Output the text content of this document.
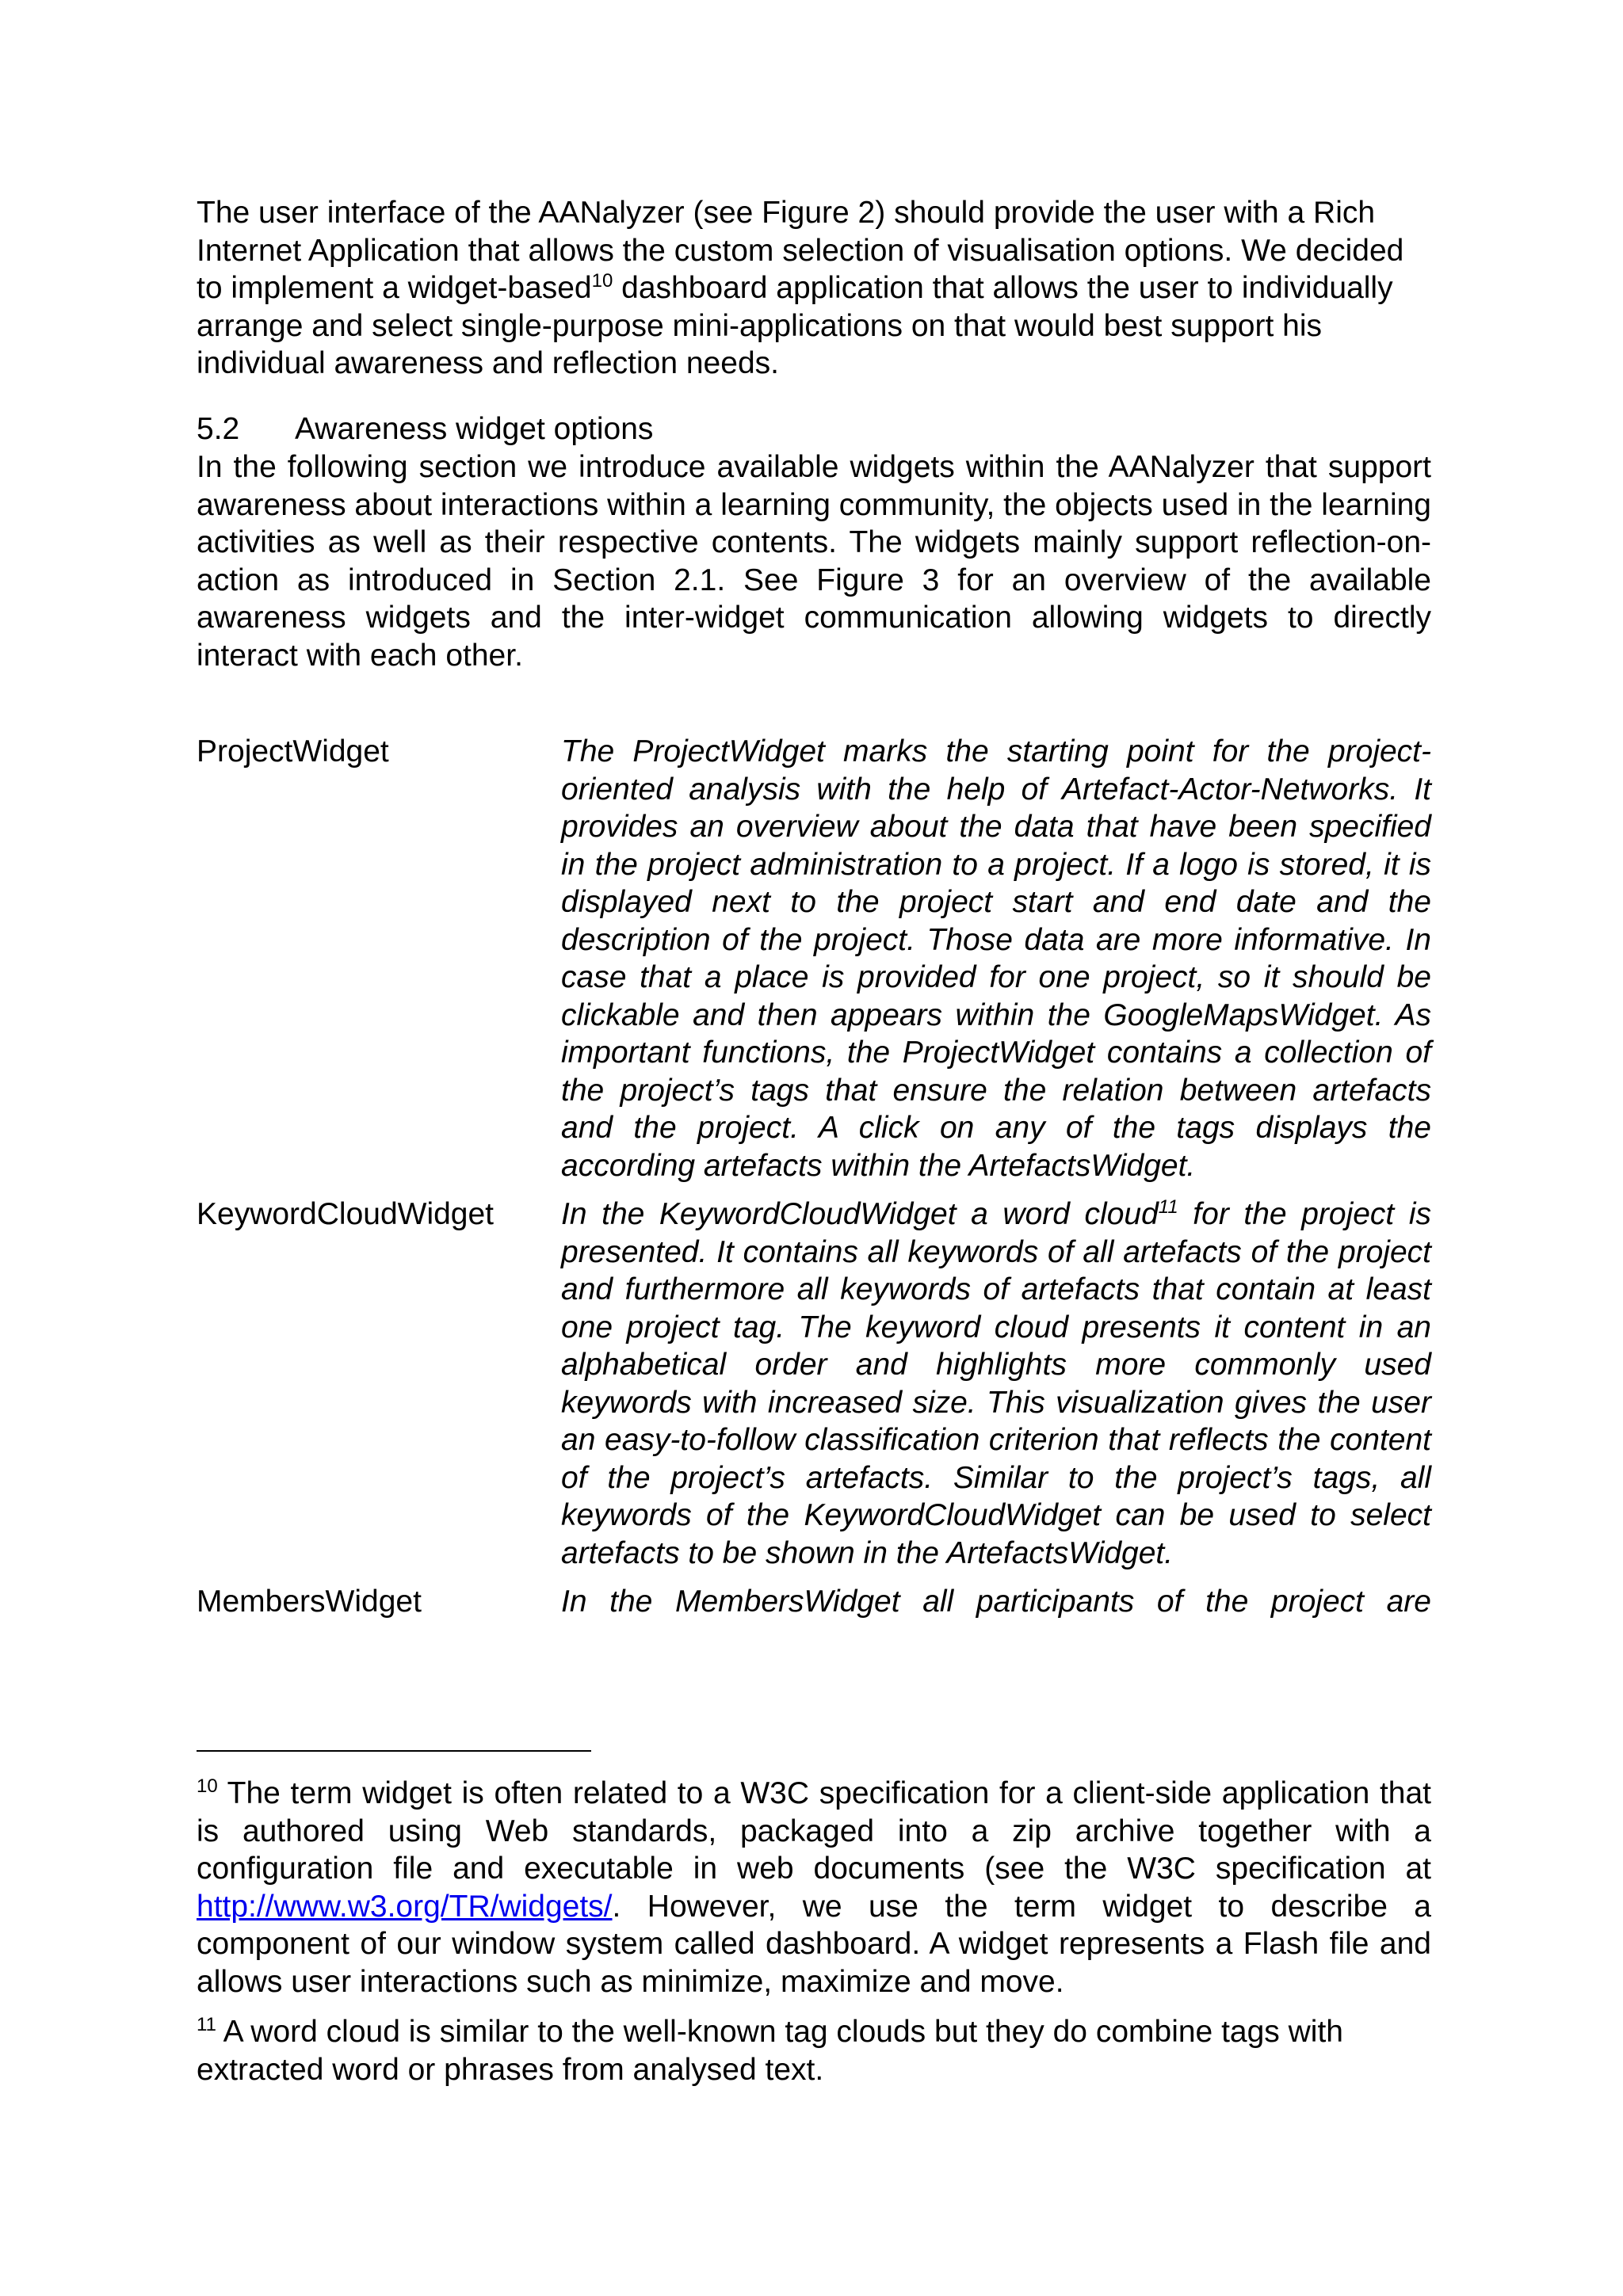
The user interface of the AANalyzer (see Figure 2) should provide the user with a Rich Internet Application that allows the custom selection of visualisation options. We decided to implement a widget-based$^{10}$ dashboard application that allows the user to individually arrange and select single-purpose mini-applications on that would best support his individual awareness and reflection needs.
5.2 Awareness widget options
In the following section we introduce available widgets within the AANalyzer that support awareness about interactions within a learning community, the objects used in the learning activities as well as their respective contents. The widgets mainly support reflection-on-action as introduced in Section 2.1. See Figure 3 for an overview of the available awareness widgets and the inter-widget communication allowing widgets to directly interact with each other.
ProjectWidget	The ProjectWidget marks the starting point for the project-oriented analysis with the help of Artefact-Actor-Networks. It provides an overview about the data that have been specified in the project administration to a project. If a logo is stored, it is displayed next to the project start and end date and the description of the project. Those data are more informative. In case that a place is provided for one project, so it should be clickable and then appears within the GoogleMapsWidget. As important functions, the ProjectWidget contains a collection of the project’s tags that ensure the relation between artefacts and the project. A click on any of the tags displays the according artefacts within the ArtefactsWidget.
KeywordCloudWidget	In the KeywordCloudWidget a word cloud$^{11}$ for the project is presented. It contains all keywords of all artefacts of the project and furthermore all keywords of artefacts that contain at least one project tag. The keyword cloud presents it content in an alphabetical order and highlights more commonly used keywords with increased size. This visualization gives the user an easy-to-follow classification criterion that reflects the content of the project’s artefacts. Similar to the project’s tags, all keywords of the KeywordCloudWidget can be used to select artefacts to be shown in the ArtefactsWidget.
MembersWidget	In the MembersWidget all participants of the project are
$^{10}$ The term widget is often related to a W3C specification for a client-side application that is authored using Web standards, packaged into a zip archive together with a configuration file and executable in web documents (see the W3C specification at http://www.w3.org/TR/widgets/. However, we use the term widget to describe a component of our window system called dashboard. A widget represents a Flash file and allows user interactions such as minimize, maximize and move.
$^{11}$ A word cloud is similar to the well-known tag clouds but they do combine tags with extracted word or phrases from analysed text.
